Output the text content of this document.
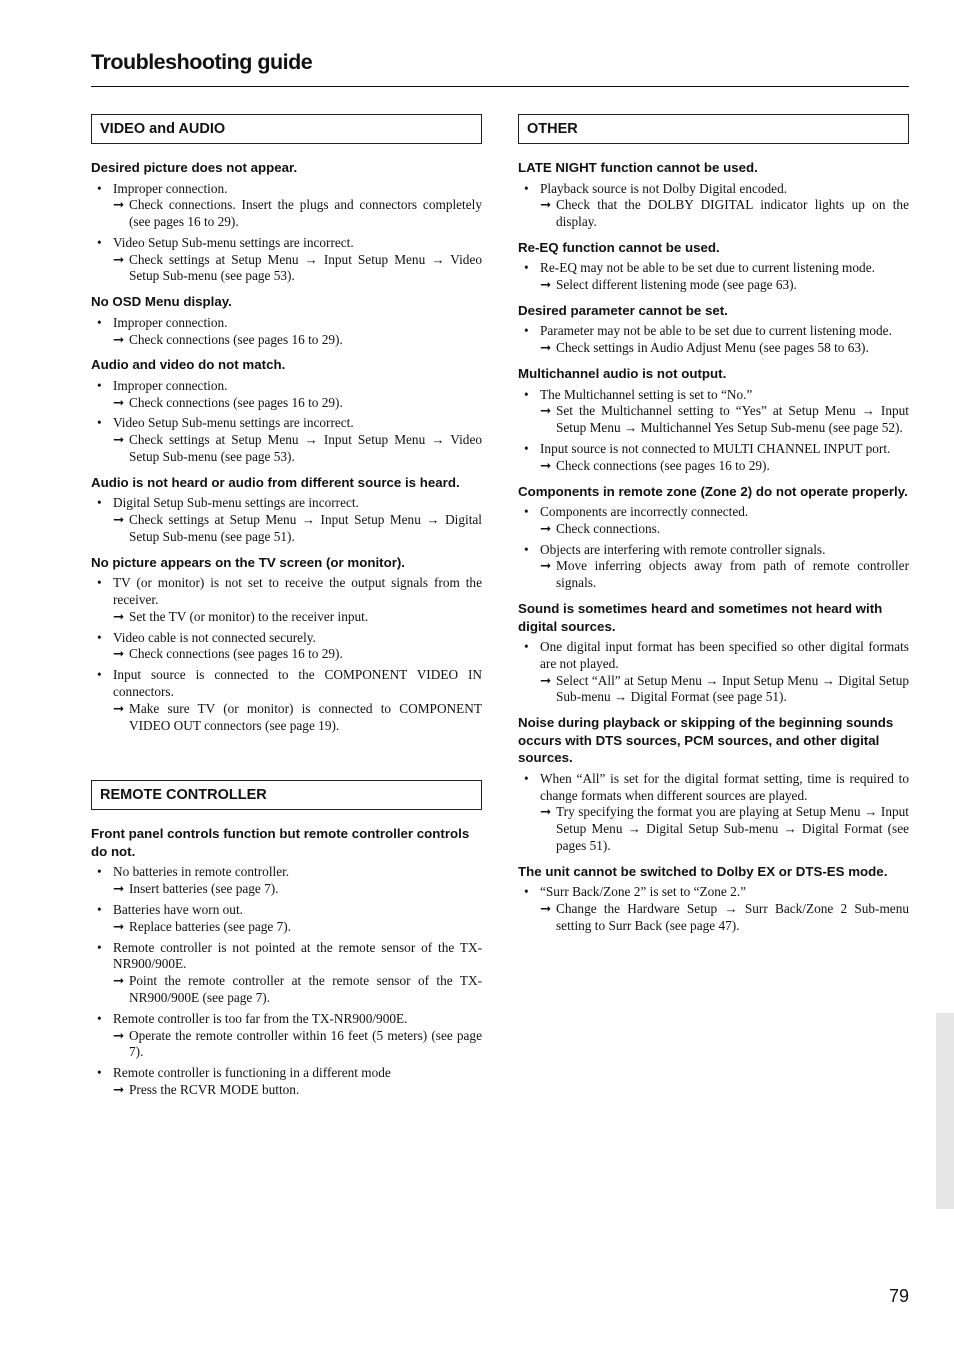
Troubleshooting guide
VIDEO and AUDIO
Desired picture does not appear.
• Improper connection.
➞ Check connections. Insert the plugs and connectors completely (see pages 16 to 29).
• Video Setup Sub-menu settings are incorrect.
➞ Check settings at Setup Menu → Input Setup Menu → Video Setup Sub-menu (see page 53).
No OSD Menu display.
• Improper connection.
➞ Check connections (see pages 16 to 29).
Audio and video do not match.
• Improper connection.
➞ Check connections (see pages 16 to 29).
• Video Setup Sub-menu settings are incorrect.
➞ Check settings at Setup Menu → Input Setup Menu → Video Setup Sub-menu (see page 53).
Audio is not heard or audio from different source is heard.
• Digital Setup Sub-menu settings are incorrect.
➞ Check settings at Setup Menu → Input Setup Menu → Digital Setup Sub-menu (see page 51).
No picture appears on the TV screen (or monitor).
• TV (or monitor) is not set to receive the output signals from the receiver.
➞ Set the TV (or monitor) to the receiver input.
• Video cable is not connected securely.
➞ Check connections (see pages 16 to 29).
• Input source is connected to the COMPONENT VIDEO IN connectors.
➞ Make sure TV (or monitor) is connected to COMPONENT VIDEO OUT connectors (see page 19).
REMOTE CONTROLLER
Front panel controls function but remote controller controls do not.
• No batteries in remote controller.
➞ Insert batteries (see page 7).
• Batteries have worn out.
➞ Replace batteries (see page 7).
• Remote controller is not pointed at the remote sensor of the TX-NR900/900E.
➞ Point the remote controller at the remote sensor of the TX-NR900/900E (see page 7).
• Remote controller is too far from the TX-NR900/900E.
➞ Operate the remote controller within 16 feet (5 meters) (see page 7).
• Remote controller is functioning in a different mode
➞ Press the RCVR MODE button.
OTHER
LATE NIGHT function cannot be used.
• Playback source is not Dolby Digital encoded.
➞ Check that the DOLBY DIGITAL indicator lights up on the display.
Re-EQ function cannot be used.
• Re-EQ may not be able to be set due to current listening mode.
➞ Select different listening mode (see page 63).
Desired parameter cannot be set.
• Parameter may not be able to be set due to current listening mode.
➞ Check settings in Audio Adjust Menu (see pages 58 to 63).
Multichannel audio is not output.
• The Multichannel setting is set to “No.”
➞ Set the Multichannel setting to “Yes” at Setup Menu → Input Setup Menu → Multichannel Yes Setup Sub-menu (see page 52).
• Input source is not connected to MULTI CHANNEL INPUT port.
➞ Check connections (see pages 16 to 29).
Components in remote zone (Zone 2) do not operate properly.
• Components are incorrectly connected.
➞ Check connections.
• Objects are interfering with remote controller signals.
➞ Move inferring objects away from path of remote controller signals.
Sound is sometimes heard and sometimes not heard with digital sources.
• One digital input format has been specified so other digital formats are not played.
➞ Select “All” at Setup Menu → Input Setup Menu → Digital Setup Sub-menu → Digital Format (see page 51).
Noise during playback or skipping of the beginning sounds occurs with DTS sources, PCM sources, and other digital sources.
• When “All” is set for the digital format setting, time is required to change formats when different sources are played.
➞ Try specifying the format you are playing at Setup Menu → Input Setup Menu → Digital Setup Sub-menu → Digital Format (see pages 51).
The unit cannot be switched to Dolby EX or DTS-ES mode.
• “Surr Back/Zone 2” is set to “Zone 2.”
➞ Change the Hardware Setup → Surr Back/Zone 2 Sub-menu setting to Surr Back (see page 47).
79
